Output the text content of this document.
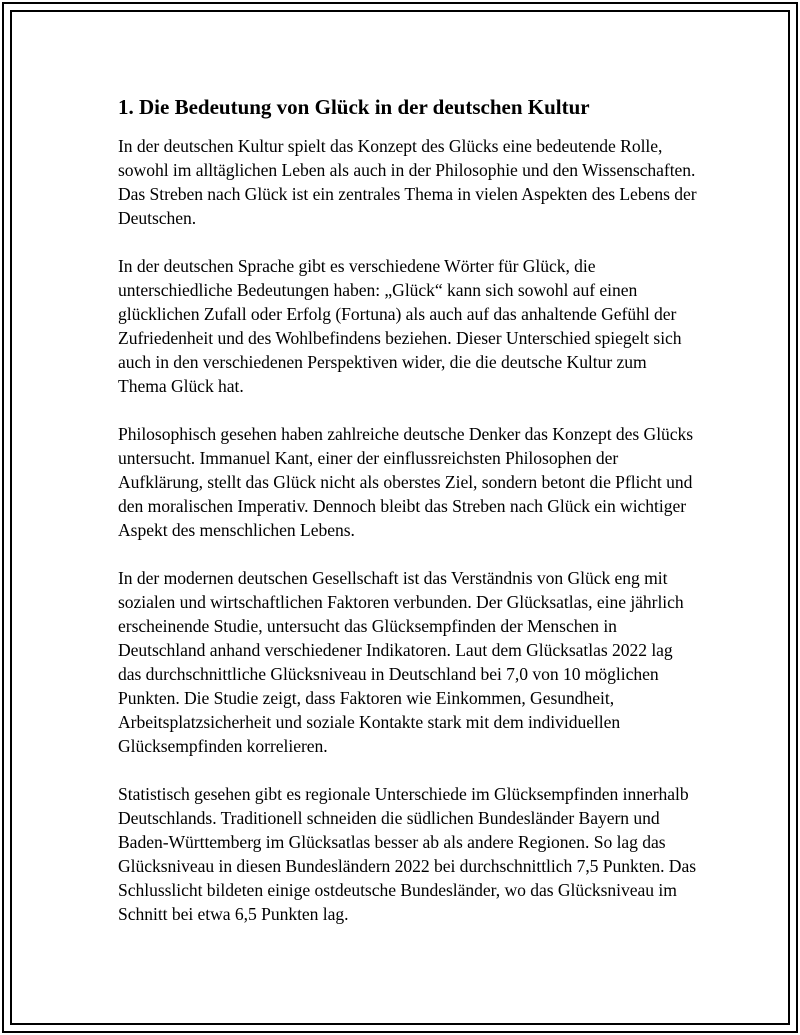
1. Die Bedeutung von Glück in der deutschen Kultur

In der deutschen Kultur spielt das Konzept des Glücks eine bedeutende Rolle, sowohl im alltäglichen Leben als auch in der Philosophie und den Wissenschaften. Das Streben nach Glück ist ein zentrales Thema in vielen Aspekten des Lebens der Deutschen.

In der deutschen Sprache gibt es verschiedene Wörter für Glück, die unterschiedliche Bedeutungen haben: „Glück“ kann sich sowohl auf einen glücklichen Zufall oder Erfolg (Fortuna) als auch auf das anhaltende Gefühl der Zufriedenheit und des Wohlbefindens beziehen. Dieser Unterschied spiegelt sich auch in den verschiedenen Perspektiven wider, die die deutsche Kultur zum Thema Glück hat.

Philosophisch gesehen haben zahlreiche deutsche Denker das Konzept des Glücks untersucht. Immanuel Kant, einer der einflussreichsten Philosophen der Aufklärung, stellt das Glück nicht als oberstes Ziel, sondern betont die Pflicht und den moralischen Imperativ. Dennoch bleibt das Streben nach Glück ein wichtiger Aspekt des menschlichen Lebens.

In der modernen deutschen Gesellschaft ist das Verständnis von Glück eng mit sozialen und wirtschaftlichen Faktoren verbunden. Der Glücksatlas, eine jährlich erscheinende Studie, untersucht das Glücksempfinden der Menschen in Deutschland anhand verschiedener Indikatoren. Laut dem Glücksatlas 2022 lag das durchschnittliche Glücksniveau in Deutschland bei 7,0 von 10 möglichen Punkten. Die Studie zeigt, dass Faktoren wie Einkommen, Gesundheit, Arbeitsplatzsicherheit und soziale Kontakte stark mit dem individuellen Glücksempfinden korrelieren.

Statistisch gesehen gibt es regionale Unterschiede im Glücksempfinden innerhalb Deutschlands. Traditionell schneiden die südlichen Bundesländer Bayern und Baden-Württemberg im Glücksatlas besser ab als andere Regionen. So lag das Glücksniveau in diesen Bundesländern 2022 bei durchschnittlich 7,5 Punkten. Das Schlusslicht bildeten einige ostdeutsche Bundesländer, wo das Glücksniveau im Schnitt bei etwa 6,5 Punkten lag.
